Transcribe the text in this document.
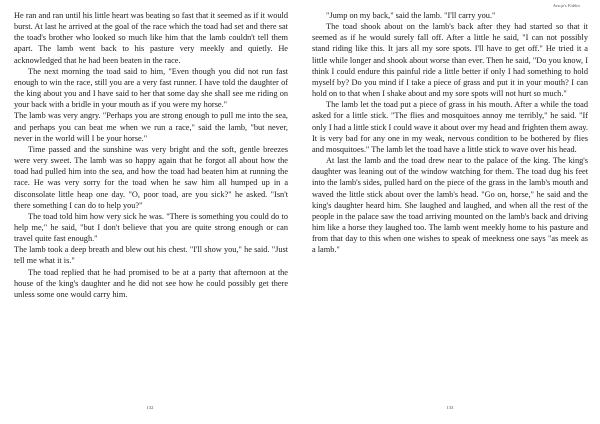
He ran and ran until his little heart was beating so fast that it seemed as if it would burst. At last he arrived at the goal of the race which the toad had set and there sat the toad's brother who looked so much like him that the lamb couldn't tell them apart. The lamb went back to his pasture very meekly and quietly. He acknowledged that he had been beaten in the race.

The next morning the toad said to him, "Even though you did not run fast enough to win the race, still you are a very fast runner. I have told the daughter of the king about you and I have said to her that some day she shall see me riding on your back with a bridle in your mouth as if you were my horse."

The lamb was very angry. "Perhaps you are strong enough to pull me into the sea, and perhaps you can beat me when we run a race," said the lamb, "but never, never in the world will I be your horse."

Time passed and the sunshine was very bright and the soft, gentle breezes were very sweet. The lamb was so happy again that he forgot all about how the toad had pulled him into the sea, and how the toad had beaten him at running the race. He was very sorry for the toad when he saw him all humped up in a disconsolate little heap one day. "O, poor toad, are you sick?" he asked. "Isn't there something I can do to help you?"

The toad told him how very sick he was. "There is something you could do to help me," he said, "but I don't believe that you are quite strong enough or can travel quite fast enough."

The lamb took a deep breath and blew out his chest. "I'll show you," he said. "Just tell me what it is."

The toad replied that he had promised to be at a party that afternoon at the house of the king's daughter and he did not see how he could possibly get there unless some one would carry him.

132
Aesop's Fables

"Jump on my back," said the lamb. "I'll carry you."

The toad shook about on the lamb's back after they had started so that it seemed as if he would surely fall off. After a little he said, "I can not possibly stand riding like this. It jars all my sore spots. I'll have to get off." He tried it a little while longer and shook about worse than ever. Then he said, "Do you know, I think I could endure this painful ride a little better if only I had something to hold myself by? Do you mind if I take a piece of grass and put it in your mouth? I can hold on to that when I shake about and my sore spots will not hurt so much."

The lamb let the toad put a piece of grass in his mouth. After a while the toad asked for a little stick. "The flies and mosquitoes annoy me terribly," he said. "If only I had a little stick I could wave it about over my head and frighten them away. It is very bad for any one in my weak, nervous condition to be bothered by flies and mosquitoes." The lamb let the toad have a little stick to wave over his head.

At last the lamb and the toad drew near to the palace of the king. The king's daughter was leaning out of the window watching for them. The toad dug his feet into the lamb's sides, pulled hard on the piece of the grass in the lamb's mouth and waved the little stick about over the lamb's head. "Go on, horse," he said and the king's daughter heard him. She laughed and laughed, and when all the rest of the people in the palace saw the toad arriving mounted on the lamb's back and driving him like a horse they laughed too. The lamb went meekly home to his pasture and from that day to this when one wishes to speak of meekness one says "as meek as a lamb."

133
